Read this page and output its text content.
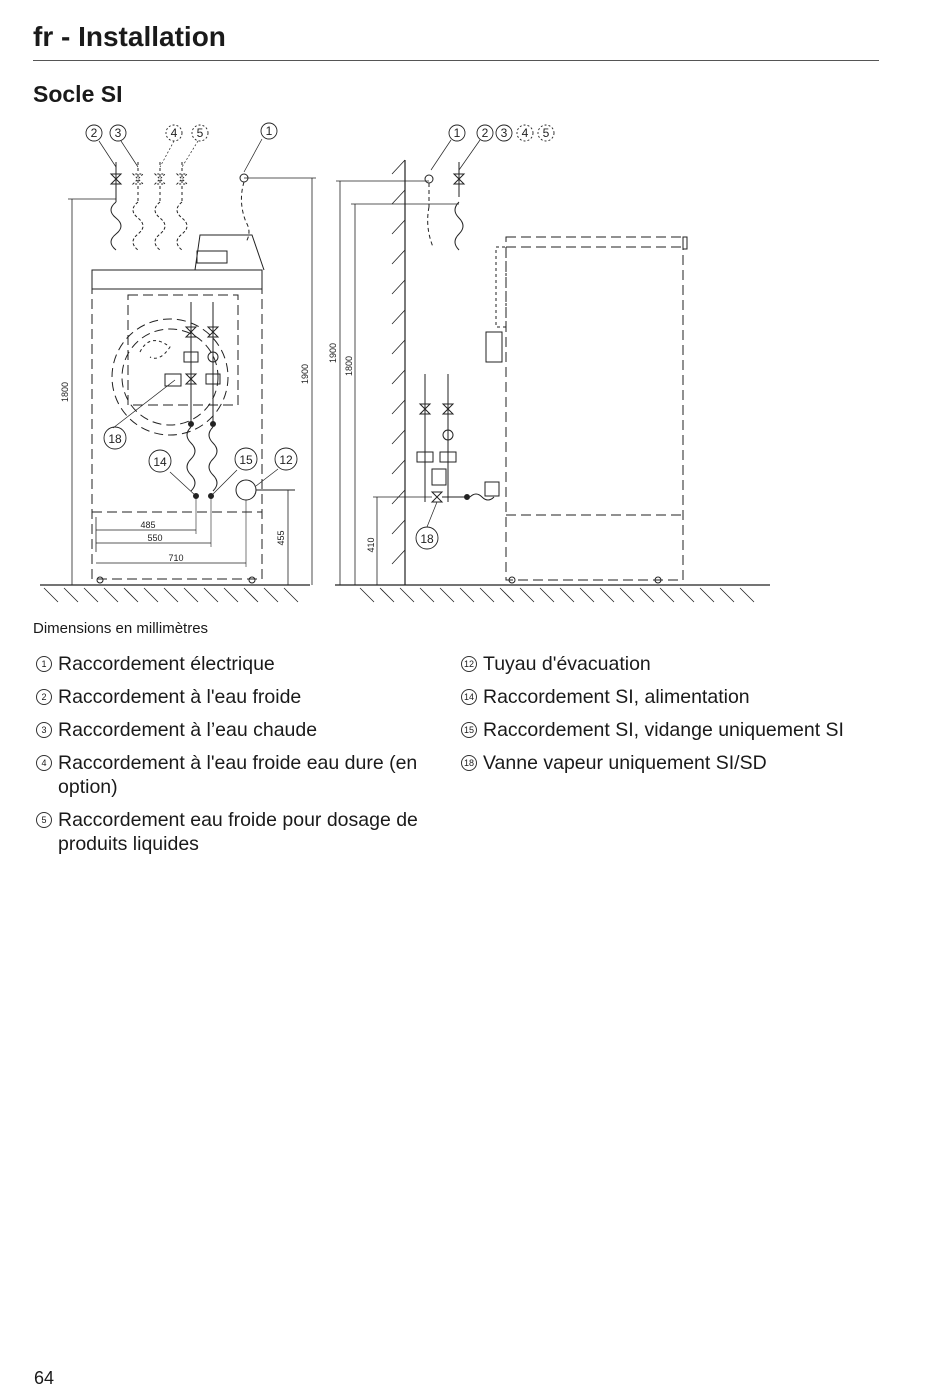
fr - Installation
Socle SI
2 3	4 5	1
18
14	15 12
1 2 3 4 5
18
1800
1900
455
485
550
710
1900
1800
410
Dimensions en millimètres
1 Raccordement électrique
2 Raccordement à l'eau froide
3 Raccordement à l’eau chaude
4 Raccordement à l'eau froide eau dure (en option)
5 Raccordement eau froide pour dosage de produits liquides
12 Tuyau d'évacuation
14 Raccordement SI, alimentation
15 Raccordement SI, vidange uniquement SI
18 Vanne vapeur uniquement SI/SD
64
